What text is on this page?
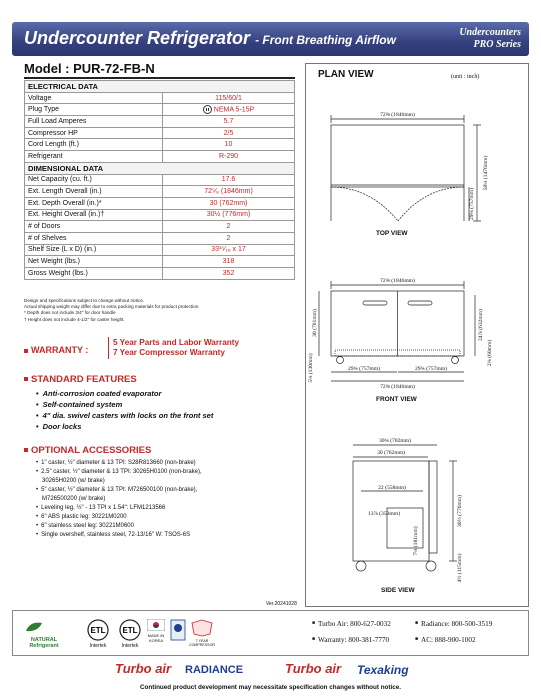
Undercounter Refrigerator - Front Breathing Airflow
Undercounters
PRO Series
Model : PUR-72-FB-N
ELECTRICAL DATA	
Voltage	115/60/1
Plug Type	NEMA 5-15P
Full Load Amperes	5.7
Compressor HP	2/5
Cord Length (ft.)	10
Refrigerant	R-290
DIMENSIONAL DATA	
Net Capacity (cu. ft.)	17.6
Ext. Length Overall (in.)	72⁵⁄₈ (1846mm)
Ext. Depth Overall (in.)*	30 (762mm)
Ext. Height Overall (in.)†	30½ (776mm)
# of Doors	2
# of Shelves	2
Shelf Size (L x D) (in.)	33¹⁵⁄₁₆ x 17
Net Weight (lbs.)	318
Gross Weight (lbs.)	352
Design and specifications subject to change without notice.
Actual shipping weight may differ due to extra packing materials for product protection.
* Depth does not include 3/4" for door handle
† Height does not include 4-1/2" for caster height.
WARRANTY :
5 Year Parts and Labor Warranty
7 Year Compressor Warranty
STANDARD FEATURES
• Anti-corrosion coated evaporator
• Self-contained system
• 4" dia. swivel casters with locks on the front set
• Door locks
OPTIONAL ACCESSORIES
• 1" caster, ½" diameter & 13 TPI: S28R813660 (non-brake)
• 2.5" caster, ½" diameter & 13 TPI: 30265H0100 (non-brake),
30265H0200 (w/ brake)
• 5" caster, ½" diameter & 13 TPI: M726500100 (non-brake),
M726500200 (w/ brake)
• Leveling leg, ½" - 13 TPI x 1.54": LFM1213566
• 6" ABS plastic leg: 30221M0200
• 6" stainless steel leg: 30221M0600
• Single overshelf, stainless steel, 72-13/16" W: TSOS-6S
Ver.20241028
PLAN VIEW	(unit : inch)
72⅝ (1846mm)
58⅛ (1476mm)
29¾ (757mm)
72⅝ (1846mm)
30 (761mm)	24⅞ (632mm)
5⅛ (130mm)
2⅜ (60mm)
29¾ (757mm)	29¾ (757mm)
72⅝ (1846mm)
30¾ (782mm)
30 (762mm)
22 (558mm)
13⅞ (353mm)
7⅛ (181mm)
30½ (776mm)
4½ (115mm)
TOP VIEW
FRONT VIEW
SIDE VIEW
NATURAL Refrigerant
ETL
Intertek
ETL
Intertek
MADE IN KOREA	7 YEAR COMPRESSOR
■ Turbo Air: 800-627-0032	■ Radiance: 800-500-3519
■ Warranty: 800-381-7770	■ AC: 888-900-1002
Turbo air RADIANCE	Turbo air Texaking
Continued product development may necessitate specification changes without notice.
